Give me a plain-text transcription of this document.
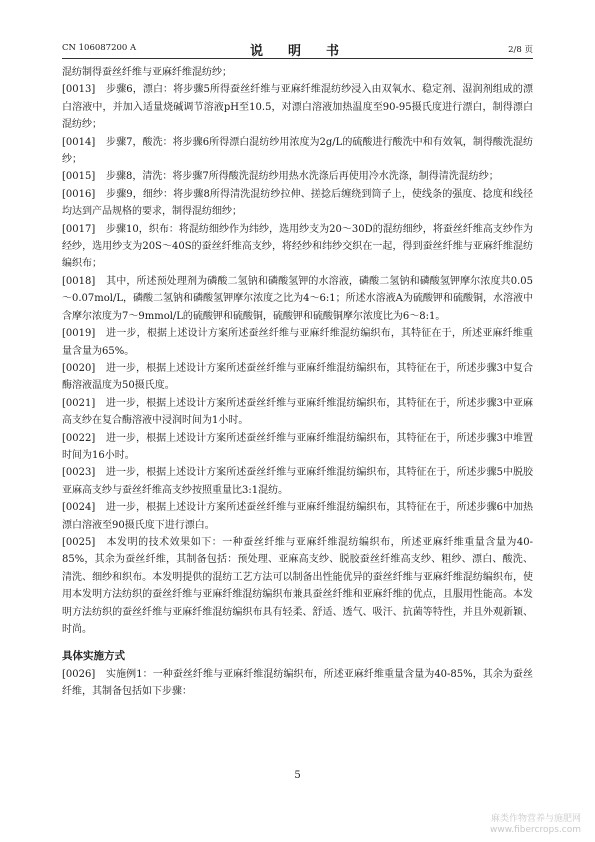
CN 106087200 A	说　明　书	2/8 页

混纺制得蚕丝纤维与亚麻纤维混纺纱；

[0013] 步骤6，漂白：将步骤5所得蚕丝纤维与亚麻纤维混纺纱浸入由双氧水、稳定剂、湿润剂组成的漂白溶液中，并加入适量烧碱调节溶液pH至10.5，对漂白溶液加热温度至90-95摄氏度进行漂白，制得漂白混纺纱；

[0014] 步骤7，酸洗：将步骤6所得漂白混纺纱用浓度为2g/L的硫酸进行酸洗中和有效氧，制得酸洗混纺纱；

[0015] 步骤8，清洗：将步骤7所得酸洗混纺纱用热水洗涤后再使用冷水洗涤，制得清洗混纺纱；

[0016] 步骤9，细纱：将步骤8所得清洗混纺纱拉伸、搓捻后缠绕到筒子上，使线条的强度、捻度和线径均达到产品规格的要求，制得混纺细纱；

[0017] 步骤10，织布：将混纺细纱作为纬纱，选用纱支为20～30D的混纺细纱，将蚕丝纤维高支纱作为经纱，选用纱支为20S～40S的蚕丝纤维高支纱，将经纱和纬纱交织在一起，得到蚕丝纤维与亚麻纤维混纺编织布；

[0018] 其中，所述预处理剂为磷酸二氢钠和磷酸氢钾的水溶液，磷酸二氢钠和磷酸氢钾摩尔浓度共0.05～0.07mol/L，磷酸二氢钠和磷酸氢钾摩尔浓度之比为4～6:1；所述水溶液A为硫酸钾和硫酸铜，水溶液中含摩尔浓度为7～9mmol/L的硫酸钾和硫酸铜，硫酸钾和硫酸铜摩尔浓度比为6～8:1。

[0019] 进一步，根据上述设计方案所述蚕丝纤维与亚麻纤维混纺编织布，其特征在于，所述亚麻纤维重量含量为65%。

[0020] 进一步，根据上述设计方案所述蚕丝纤维与亚麻纤维混纺编织布，其特征在于，所述步骤3中复合酶溶液温度为50摄氏度。

[0021] 进一步，根据上述设计方案所述蚕丝纤维与亚麻纤维混纺编织布，其特征在于，所述步骤3中亚麻高支纱在复合酶溶液中浸润时间为1小时。

[0022] 进一步，根据上述设计方案所述蚕丝纤维与亚麻纤维混纺编织布，其特征在于，所述步骤3中堆置时间为16小时。

[0023] 进一步，根据上述设计方案所述蚕丝纤维与亚麻纤维混纺编织布，其特征在于，所述步骤5中脱胶亚麻高支纱与蚕丝纤维高支纱按照重量比3:1混纺。

[0024] 进一步，根据上述设计方案所述蚕丝纤维与亚麻纤维混纺编织布，其特征在于，所述步骤6中加热漂白溶液至90摄氏度下进行漂白。

[0025] 本发明的技术效果如下：一种蚕丝纤维与亚麻纤维混纺编织布，所述亚麻纤维重量含量为40-85%，其余为蚕丝纤维，其制备包括：预处理、亚麻高支纱、脱胶蚕丝纤维高支纱、粗纱、漂白、酸洗、清洗、细纱和织布。本发明提供的混纺工艺方法可以制备出性能优异的蚕丝纤维与亚麻纤维混纺编织布，使用本发明方法纺织的蚕丝纤维与亚麻纤维混纺编织布兼具蚕丝纤维和亚麻纤维的优点，且服用性能高。本发明方法纺织的蚕丝纤维与亚麻纤维混纺编织布具有轻柔、舒适、透气、吸汗、抗菌等特性，并且外观新颖、时尚。

具体实施方式

[0026] 实施例1：一种蚕丝纤维与亚麻纤维混纺编织布，所述亚麻纤维重量含量为40-85%，其余为蚕丝纤维，其制备包括如下步骤：

5
麻类作物营养与施肥网
www.fibercrops.com
